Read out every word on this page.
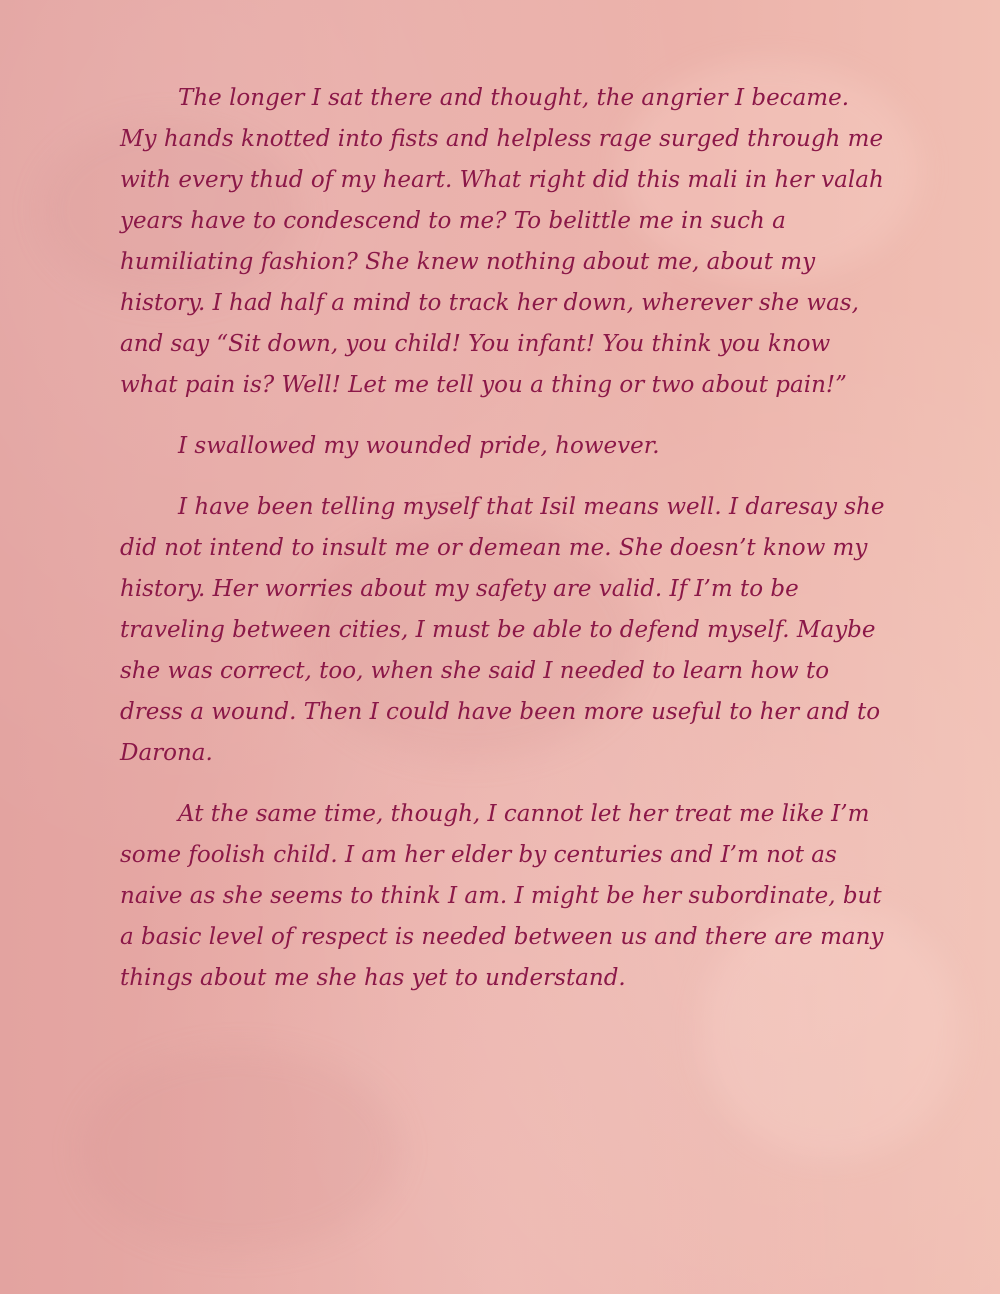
The longer I sat there and thought, the angrier I became. My hands knotted into fists and helpless rage surged through me with every thud of my heart. What right did this mali in her valah years have to condescend to me? To belittle me in such a humiliating fashion? She knew nothing about me, about my history. I had half a mind to track her down, wherever she was, and say “Sit down, you child! You infant! You think you know what pain is? Well! Let me tell you a thing or two about pain!”

I swallowed my wounded pride, however.

I have been telling myself that Isil means well. I daresay she did not intend to insult me or demean me. She doesn’t know my history. Her worries about my safety are valid. If I’m to be traveling between cities, I must be able to defend myself. Maybe she was correct, too, when she said I needed to learn how to dress a wound. Then I could have been more useful to her and to Darona.

At the same time, though, I cannot let her treat me like I’m some foolish child. I am her elder by centuries and I’m not as naive as she seems to think I am. I might be her subordinate, but a basic level of respect is needed between us and there are many things about me she has yet to understand.
